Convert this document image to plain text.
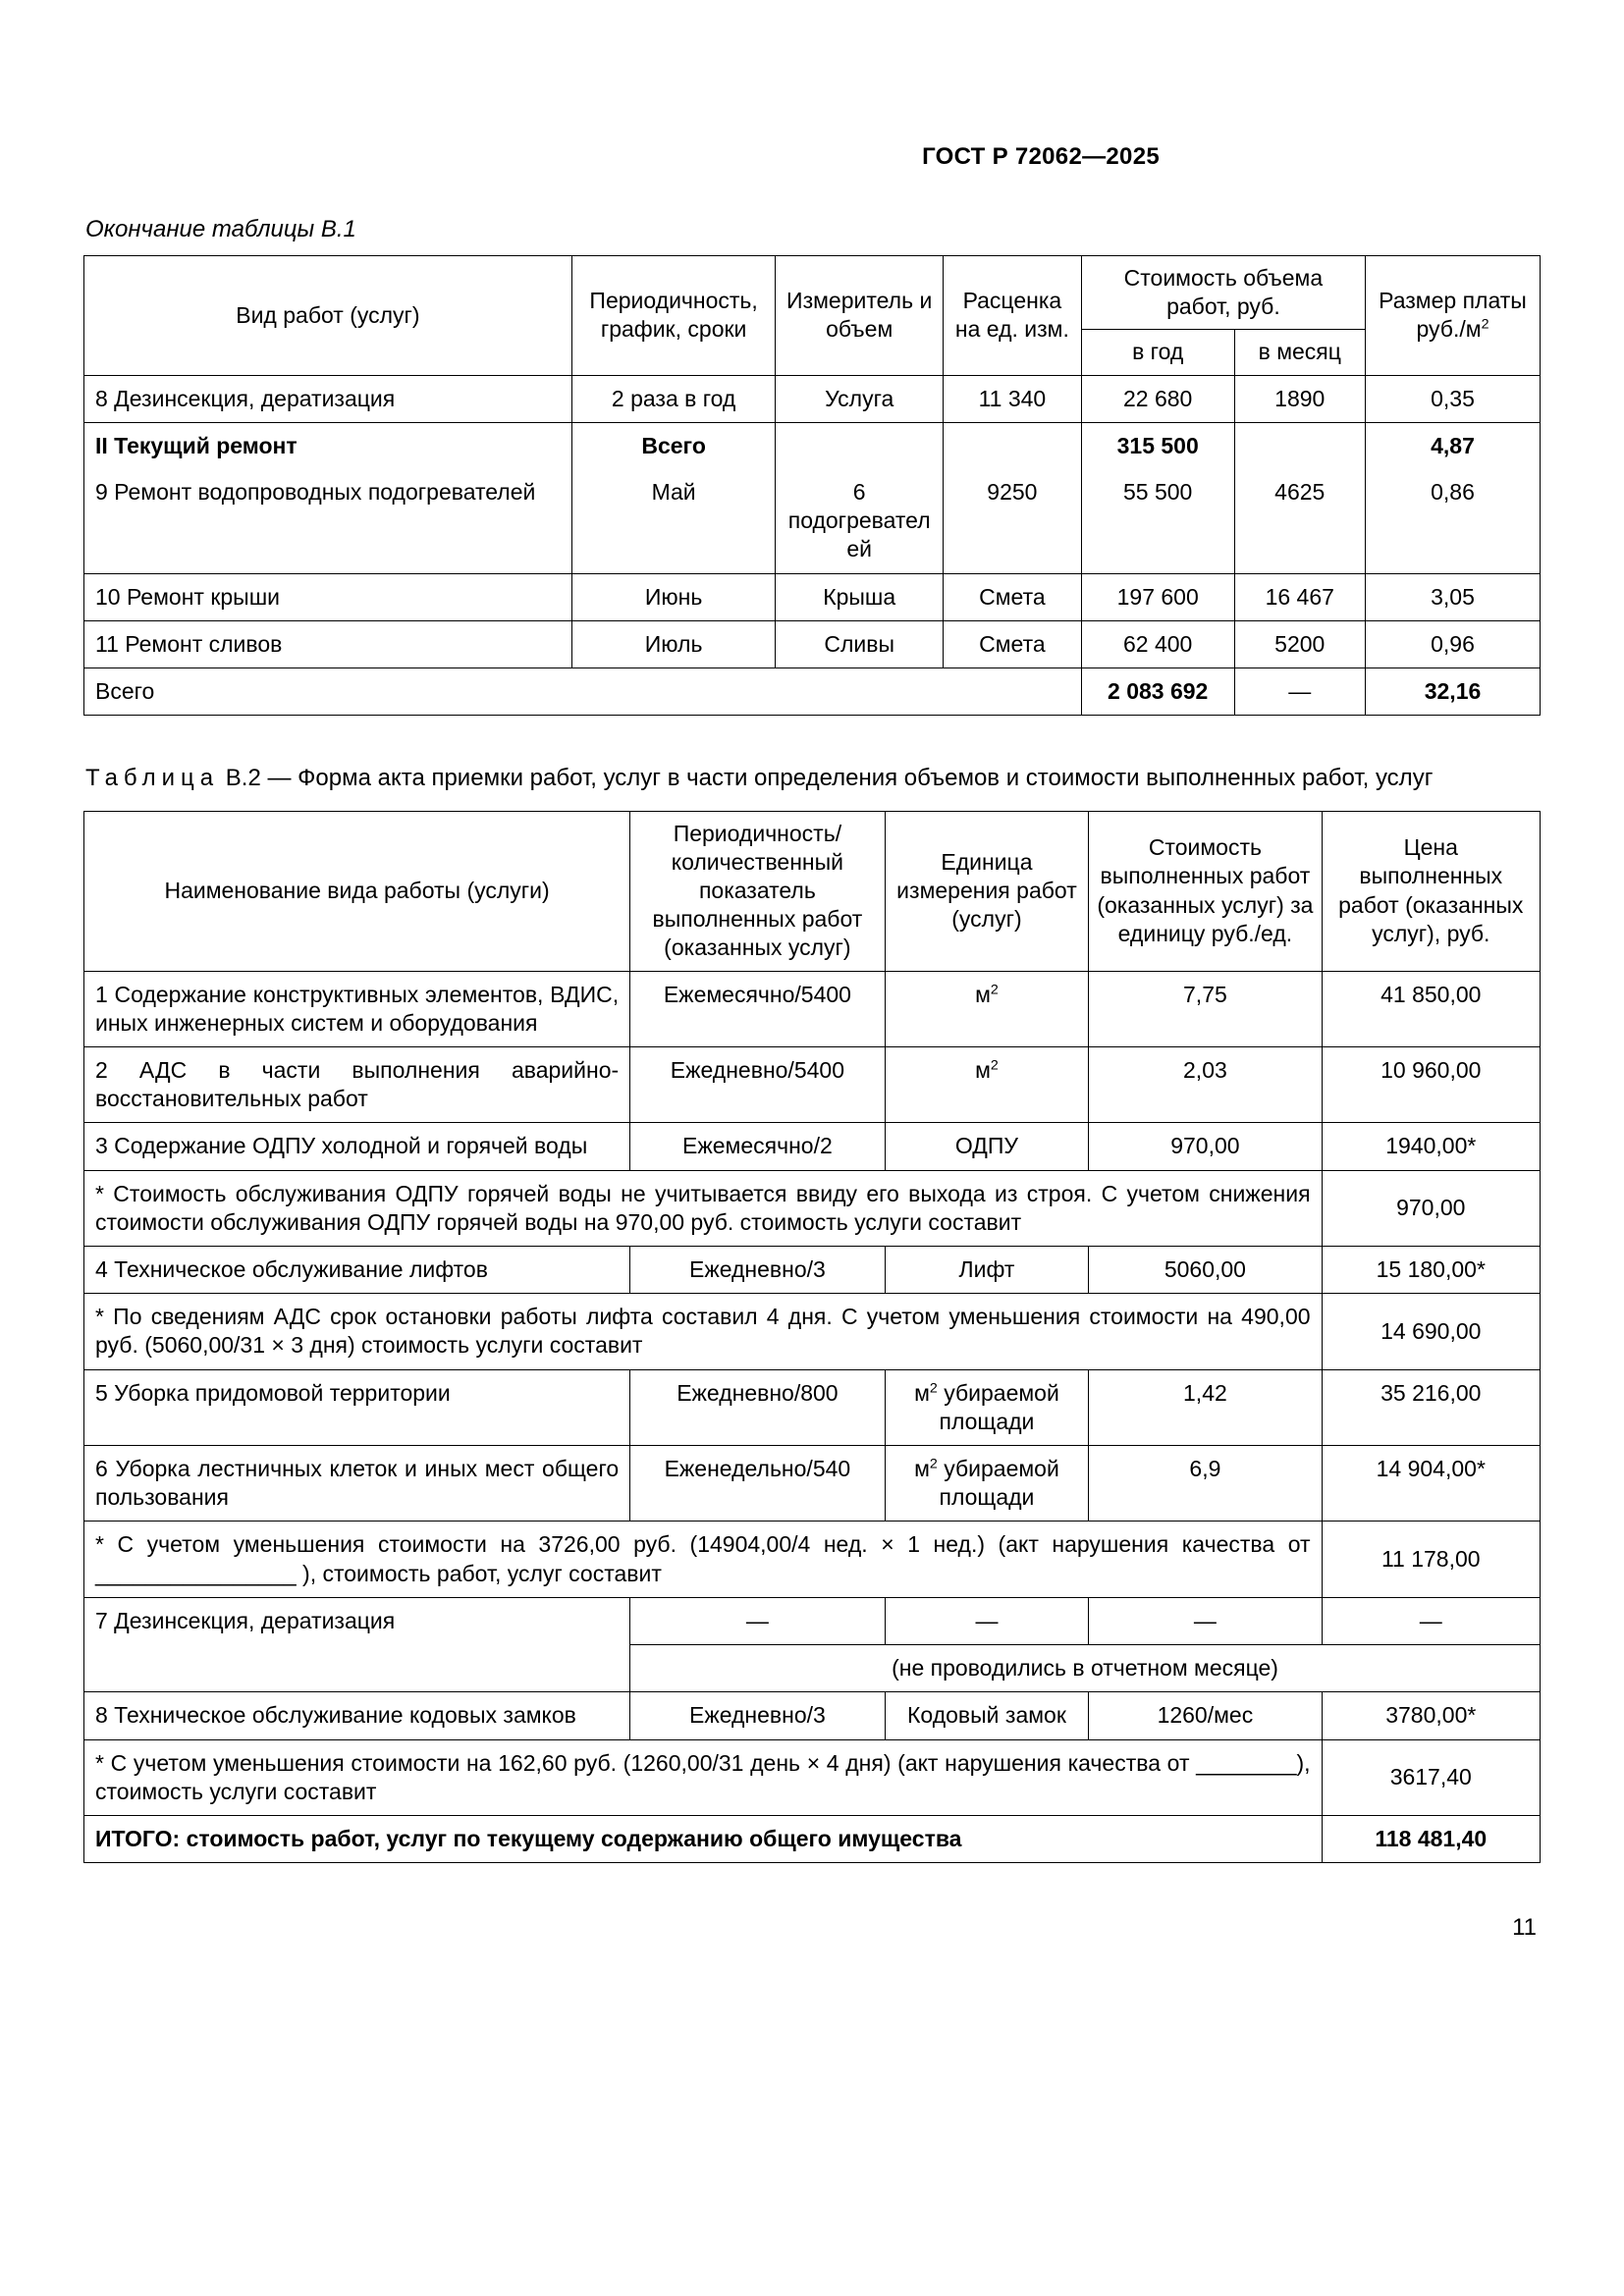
ГОСТ Р 72062—2025
Окончание таблицы В.1
Вид работ (услуг)	Периодичность, график, сроки	Измеритель и объем	Расценка на ед. изм.	Стоимость объема работ, руб.		Размер платы $руб./м^2$
				в год	в месяц	
8 Дезинсекция, дератизация	2 раза в год	Услуга	11 340	22 680	1890	0,35
II Текущий ремонт	Всего			315 500		4,87
9 Ремонт водопроводных подогревателей	Май	6 подогревателей	9250	55 500	4625	0,86
10 Ремонт крыши	Июнь	Крыша	Смета	197 600	16 467	3,05
11 Ремонт сливов	Июль	Сливы	Смета	62 400	5200	0,96
Всего				2 083 692	—	32,16
Таблица В.2 — Форма акта приемки работ, услуг в части определения объемов и стоимости выполненных работ, услуг
Наименование вида работы (услуги)	Периодичность/ количественный показатель выполненных работ (оказанных услуг)	Единица измерения работ (услуг)	Стоимость выполненных работ (оказанных услуг) за единицу руб./ед.	Цена выполненных работ (оказанных услуг), руб.
1 Содержание конструктивных элементов, ВДИС, иных инженерных систем и оборудования	Ежемесячно/5400	$м^2$	7,75	41 850,00
2 АДС в части выполнения аварийно-восстановительных работ	Ежедневно/5400	$м^2$	2,03	10 960,00
3 Содержание ОДПУ холодной и горячей воды	Ежемесячно/2	ОДПУ	970,00	1940,00*
* Стоимость обслуживания ОДПУ горячей воды не учитывается ввиду его выхода из строя. С учетом снижения стоимости обслуживания ОДПУ горячей воды на 970,00 руб. стоимость услуги составит				970,00
4 Техническое обслуживание лифтов	Ежедневно/3	Лифт	5060,00	15 180,00*
* По сведениям АДС срок остановки работы лифта составил 4 дня. С учетом уменьшения стоимости на 490,00 руб. (5060,00/31 × 3 дня) стоимость услуги составит				14 690,00
5 Уборка придомовой территории	Ежедневно/800	$м^2$ убираемой площади	1,42	35 216,00
6 Уборка лестничных клеток и иных мест общего пользования	Еженедельно/540	$м^2$ убираемой площади	6,9	14 904,00*
* С учетом уменьшения стоимости на 3726,00 руб. (14904,00/4 нед. × 1 нед.) (акт нарушения качества от ________________ ), стоимость работ, услуг составит				11 178,00
7 Дезинсекция, дератизация	—	—	—	—
	(не проводились в отчетном месяце)			
8 Техническое обслуживание кодовых замков	Ежедневно/3	Кодовый замок	1260/мес	3780,00*
* С учетом уменьшения стоимости на 162,60 руб. (1260,00/31 день × 4 дня) (акт нарушения качества от ________), стоимость услуги составит				3617,40
ИТОГО: стоимость работ, услуг по текущему содержанию общего имущества				118 481,40
11
